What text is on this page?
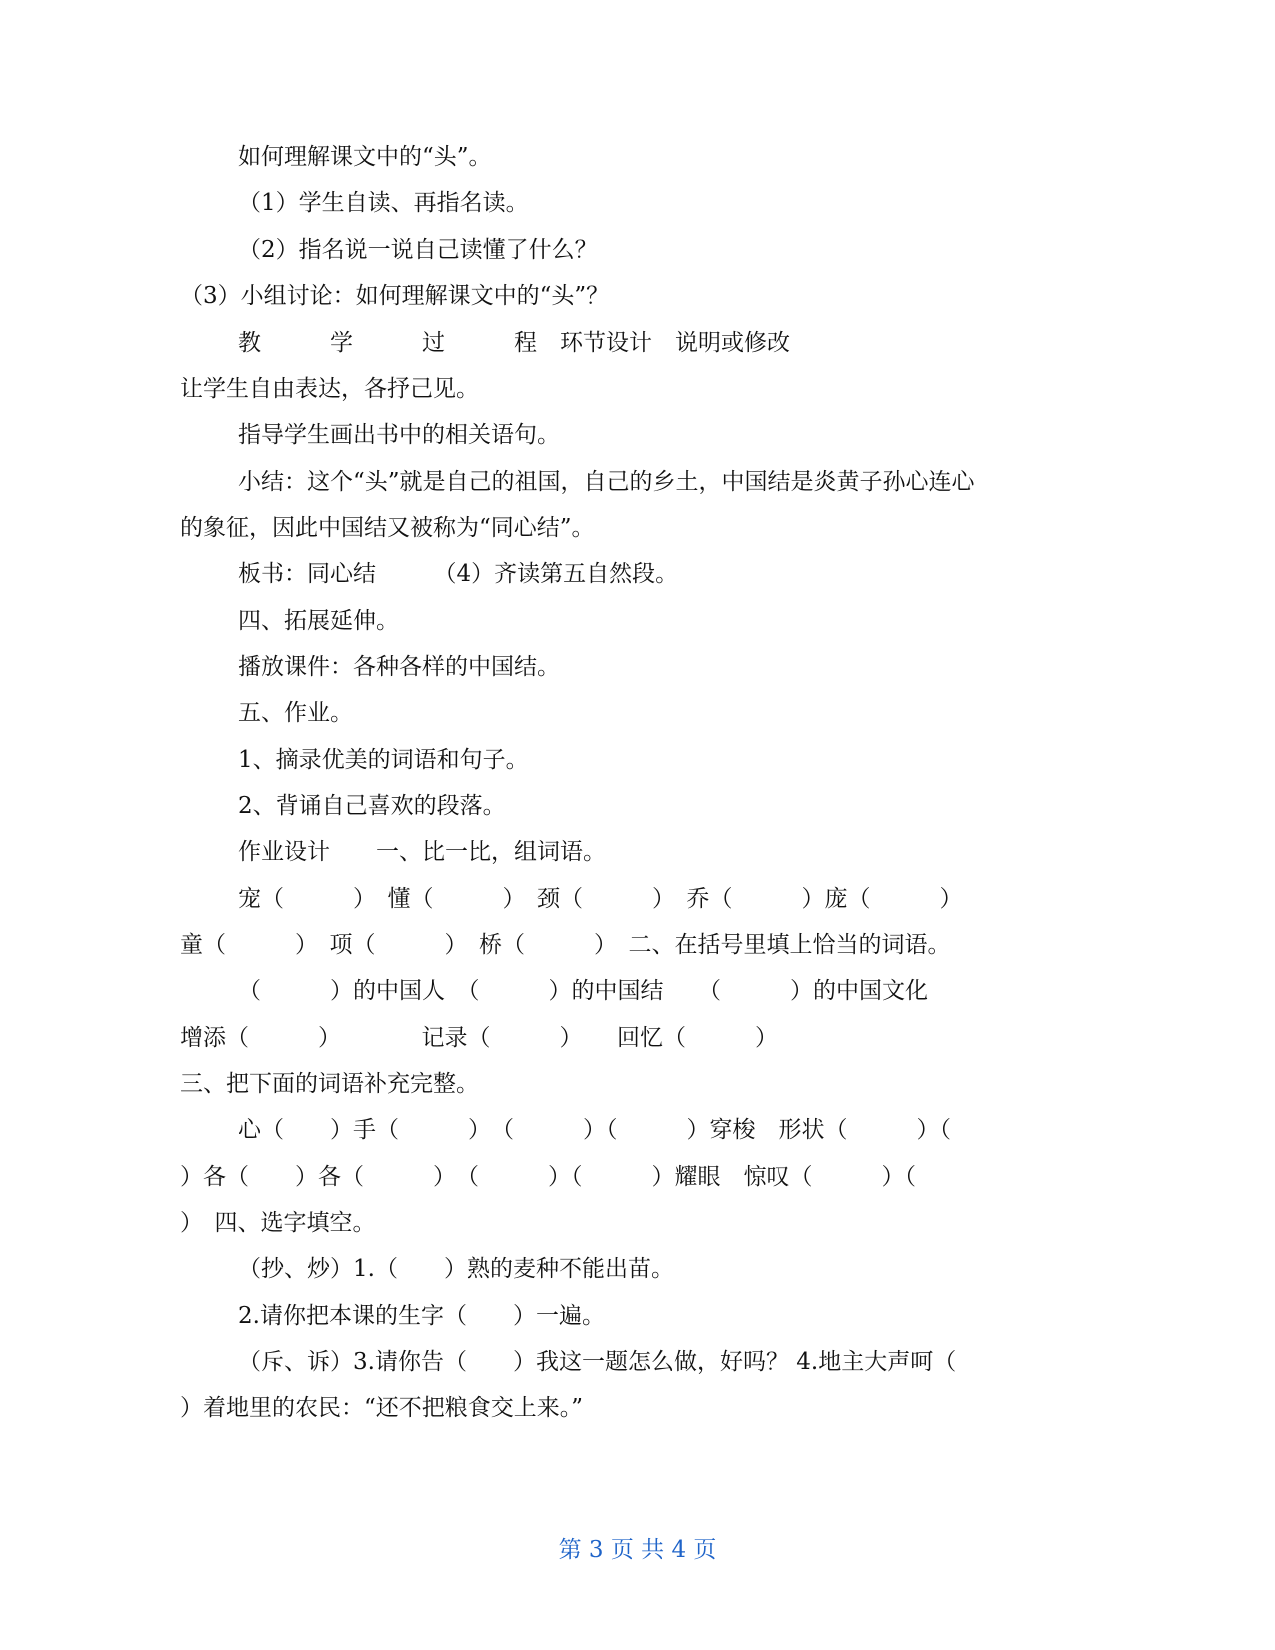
如何理解课文中的“头”。
（1）学生自读、再指名读。
（2）指名说一说自己读懂了什么？
（3）小组讨论：如何理解课文中的“头”？
教　　　学　　　过　　　程　环节设计　说明或修改
让学生自由表达，各抒己见。
指导学生画出书中的相关语句。
小结：这个“头”就是自己的祖国，自己的乡土，中国结是炎黄子孙心连心
的象征，因此中国结又被称为“同心结”。
板书：同心结　　　（4）齐读第五自然段。
四、拓展延伸。
播放课件：各种各样的中国结。
五、作业。
1、摘录优美的词语和句子。
2、背诵自己喜欢的段落。
作业设计　　一、比一比，组词语。
宠（　　　）　懂（　　　）　颈（　　　）　乔（　　　）庞（　　　）
童（　　　）　项（　　　）　桥（　　　）　二、在括号里填上恰当的词语。
（　　　）的中国人　（　　　）的中国结　　（　　　）的中国文化
增添（　　　）　　　　记录（　　　）　　回忆（　　　）
三、把下面的词语补充完整。
心（　　）手（　　　）　（　　　）（　　　）穿梭　形状（　　　）（
）各（　　）各（　　　）　（　　　）（　　　）耀眼　惊叹（　　　）（
）　四、选字填空。
（抄、炒）1.（　　）熟的麦种不能出苗。
2.请你把本课的生字（　　）一遍。
（斥、诉）3.请你告（　　）我这一题怎么做，好吗？ 4.地主大声呵（
）着地里的农民：“还不把粮食交上来。”
第 3 页 共 4 页
